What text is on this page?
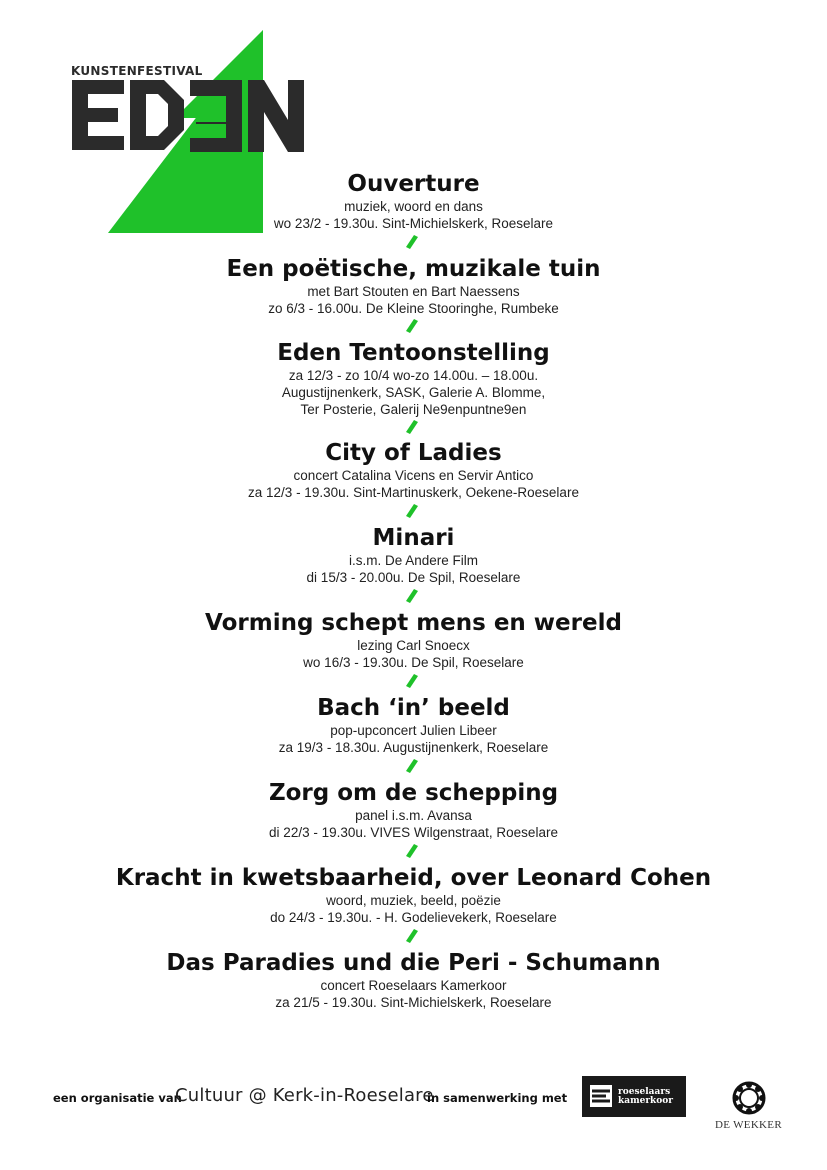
KUNSTENFESTIVAL
Ouverture
muziek, woord en dans
wo 23/2 - 19.30u. Sint-Michielskerk, Roeselare
Een poëtische, muzikale tuin
met Bart Stouten en Bart Naessens
zo 6/3 - 16.00u. De Kleine Stooringhe, Rumbeke
Eden Tentoonstelling
za 12/3 - zo 10/4 wo-zo 14.00u. – 18.00u.
Augustijnenkerk, SASK, Galerie A. Blomme,
Ter Posterie, Galerij Ne9enpuntne9en
City of Ladies
concert Catalina Vicens en Servir Antico
za 12/3 - 19.30u. Sint-Martinuskerk, Oekene-Roeselare
Minari
i.s.m. De Andere Film
di 15/3 - 20.00u. De Spil, Roeselare
Vorming schept mens en wereld
lezing Carl Snoecx
wo 16/3 - 19.30u. De Spil, Roeselare
Bach ‘in’ beeld
pop-upconcert Julien Libeer
za 19/3 - 18.30u. Augustijnenkerk, Roeselare
Zorg om de schepping
panel i.s.m. Avansa
di 22/3 - 19.30u. VIVES Wilgenstraat, Roeselare
Kracht in kwetsbaarheid, over Leonard Cohen
woord, muziek, beeld, poëzie
do 24/3 - 19.30u. - H. Godelievekerk, Roeselare
Das Paradies und die Peri - Schumann
concert Roeselaars Kamerkoor
za 21/5 - 19.30u. Sint-Michielskerk, Roeselare
een organisatie van
Cultuur @ Kerk-in-Roeselare
in samenwerking met	roeselaars
kamerkoor
DE WEKKER
